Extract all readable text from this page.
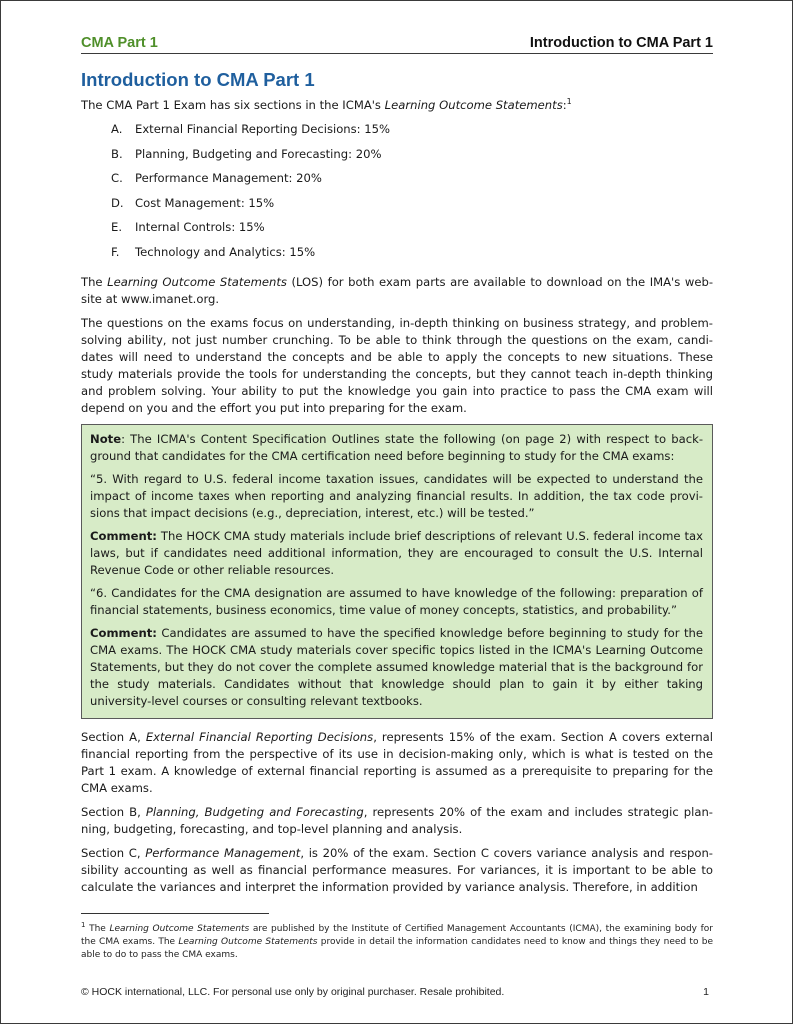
CMA Part 1	Introduction to CMA Part 1
Introduction to CMA Part 1

The CMA Part 1 Exam has six sections in the ICMA's Learning Outcome Statements:$^1$

A.	External Financial Reporting Decisions: 15%
B.	Planning, Budgeting and Forecasting: 20%
C.	Performance Management: 20%
D. Cost Management: 15%
E.	Internal Controls: 15%
F.	Technology and Analytics: 15%

The Learning Outcome Statements (LOS) for both exam parts are available to download on the IMA's web-site at www.imanet.org.

The questions on the exams focus on understanding, in-depth thinking on business strategy, and problem-solving ability, not just number crunching. To be able to think through the questions on the exam, candi-dates will need to understand the concepts and be able to apply the concepts to new situations. These study materials provide the tools for understanding the concepts, but they cannot teach in-depth thinking and problem solving. Your ability to put the knowledge you gain into practice to pass the CMA exam will depend on you and the effort you put into preparing for the exam.

Note: The ICMA's Content Specification Outlines state the following (on page 2) with respect to back-ground that candidates for the CMA certification need before beginning to study for the CMA exams:

“5. With regard to U.S. federal income taxation issues, candidates will be expected to understand the impact of income taxes when reporting and analyzing financial results. In addition, the tax code provi-sions that impact decisions (e.g., depreciation, interest, etc.) will be tested.”

Comment: The HOCK CMA study materials include brief descriptions of relevant U.S. federal income tax laws, but if candidates need additional information, they are encouraged to consult the U.S. Internal Revenue Code or other reliable resources.

“6. Candidates for the CMA designation are assumed to have knowledge of the following: preparation of financial statements, business economics, time value of money concepts, statistics, and probability.”

Comment: Candidates are assumed to have the specified knowledge before beginning to study for the CMA exams. The HOCK CMA study materials cover specific topics listed in the ICMA's Learning Outcome Statements, but they do not cover the complete assumed knowledge material that is the background for the study materials. Candidates without that knowledge should plan to gain it by either taking university-level courses or consulting relevant textbooks.

Section A, External Financial Reporting Decisions, represents 15% of the exam. Section A covers external financial reporting from the perspective of its use in decision-making only, which is what is tested on the Part 1 exam. A knowledge of external financial reporting is assumed as a prerequisite to preparing for the CMA exams.

Section B, Planning, Budgeting and Forecasting, represents 20% of the exam and includes strategic plan-ning, budgeting, forecasting, and top-level planning and analysis.

Section C, Performance Management, is 20% of the exam. Section C covers variance analysis and respon-sibility accounting as well as financial performance measures. For variances, it is important to be able to calculate the variances and interpret the information provided by variance analysis. Therefore, in addition

$^1$ The Learning Outcome Statements are published by the Institute of Certified Management Accountants (ICMA), the examining body for the CMA exams. The Learning Outcome Statements provide in detail the information candidates need to know and things they need to be able to do to pass the CMA exams.
© HOCK international, LLC. For personal use only by original purchaser. Resale prohibited.	1
